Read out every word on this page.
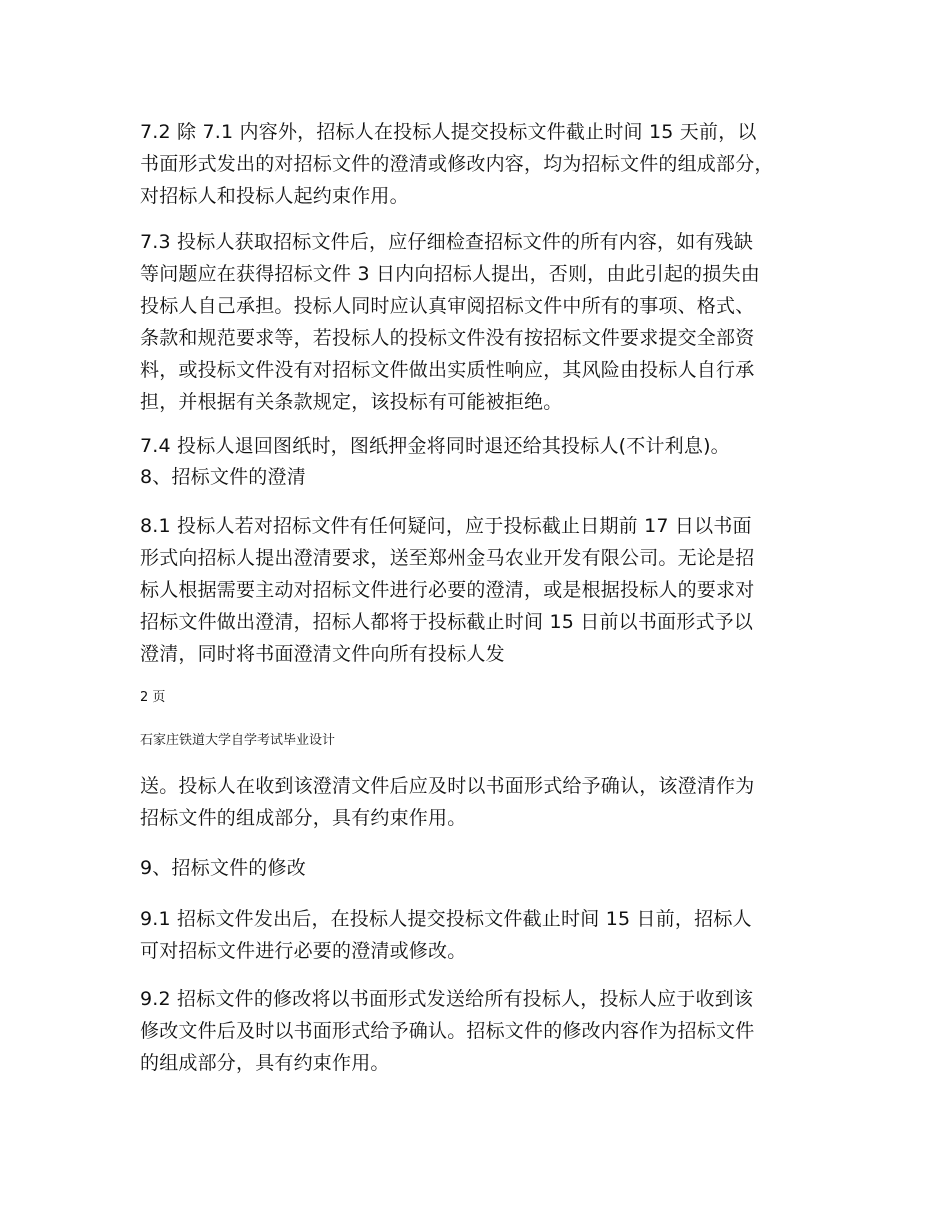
7.2 除 7.1 内容外，招标人在投标人提交投标文件截止时间 15 天前，以
书面形式发出的对招标文件的澄清或修改内容，均为招标文件的组成部分，
对招标人和投标人起约束作用。
7.3 投标人获取招标文件后，应仔细检查招标文件的所有内容，如有残缺
等问题应在获得招标文件 3 日内向招标人提出，否则，由此引起的损失由
投标人自己承担。投标人同时应认真审阅招标文件中所有的事项、格式、
条款和规范要求等，若投标人的投标文件没有按招标文件要求提交全部资
料，或投标文件没有对招标文件做出实质性响应，其风险由投标人自行承
担，并根据有关条款规定，该投标有可能被拒绝。
7.4 投标人退回图纸时，图纸押金将同时退还给其投标人(不计利息)。
8、招标文件的澄清
8.1 投标人若对招标文件有任何疑问，应于投标截止日期前 17 日以书面
形式向招标人提出澄清要求，送至郑州金马农业开发有限公司。无论是招
标人根据需要主动对招标文件进行必要的澄清，或是根据投标人的要求对
招标文件做出澄清，招标人都将于投标截止时间 15 日前以书面形式予以
澄清，同时将书面澄清文件向所有投标人发
2 页
石家庄铁道大学自学考试毕业设计
送。投标人在收到该澄清文件后应及时以书面形式给予确认，该澄清作为
招标文件的组成部分，具有约束作用。
9、招标文件的修改
9.1 招标文件发出后，在投标人提交投标文件截止时间 15 日前，招标人
可对招标文件进行必要的澄清或修改。
9.2 招标文件的修改将以书面形式发送给所有投标人，投标人应于收到该
修改文件后及时以书面形式给予确认。招标文件的修改内容作为招标文件
的组成部分，具有约束作用。
